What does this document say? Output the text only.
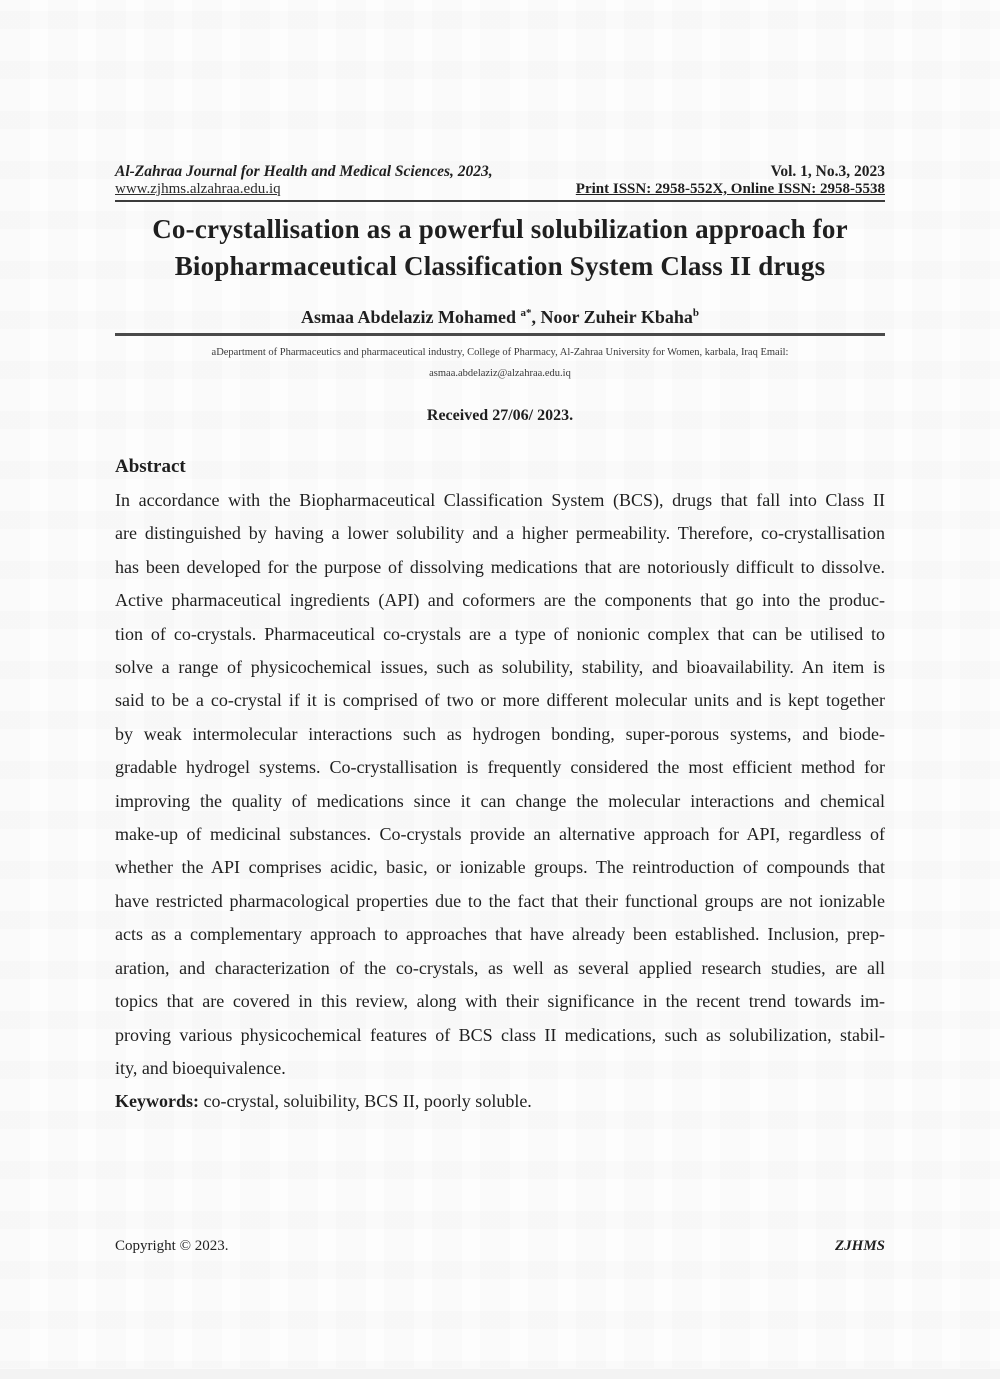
Al-Zahraa Journal for Health and Medical Sciences, 2023,	Vol. 1, No.3, 2023
www.zjhms.alzahraa.edu.iq	Print ISSN: 2958-552X, Online ISSN: 2958-5538
Co-crystallisation as a powerful solubilization approach for
Biopharmaceutical Classification System Class II drugs
Asmaa Abdelaziz Mohamed $^{a*}$, Noor Zuheir Kbaha$^b$
aDepartment of Pharmaceutics and pharmaceutical industry, College of Pharmacy, Al-Zahraa University for Women, karbala, Iraq Email:
asmaa.abdelaziz@alzahraa.edu.iq
Received 27/06/ 2023.
Abstract
In accordance with the Biopharmaceutical Classification System (BCS), drugs that fall into Class II
are distinguished by having a lower solubility and a higher permeability. Therefore, co-crystallisation
has been developed for the purpose of dissolving medications that are notoriously difficult to dissolve.
Active pharmaceutical ingredients (API) and coformers are the components that go into the produc-
tion of co-crystals. Pharmaceutical co-crystals are a type of nonionic complex that can be utilised to
solve a range of physicochemical issues, such as solubility, stability, and bioavailability. An item is
said to be a co-crystal if it is comprised of two or more different molecular units and is kept together
by weak intermolecular interactions such as hydrogen bonding, super-porous systems, and biode-
gradable hydrogel systems. Co-crystallisation is frequently considered the most efficient method for
improving the quality of medications since it can change the molecular interactions and chemical
make-up of medicinal substances. Co-crystals provide an alternative approach for API, regardless of
whether the API comprises acidic, basic, or ionizable groups. The reintroduction of compounds that
have restricted pharmacological properties due to the fact that their functional groups are not ionizable
acts as a complementary approach to approaches that have already been established. Inclusion, prep-
aration, and characterization of the co-crystals, as well as several applied research studies, are all
topics that are covered in this review, along with their significance in the recent trend towards im-
proving various physicochemical features of BCS class II medications, such as solubilization, stabil-
ity, and bioequivalence.
Keywords: co-crystal, soluibility, BCS II, poorly soluble.
Copyright © 2023.	ZJHMS
